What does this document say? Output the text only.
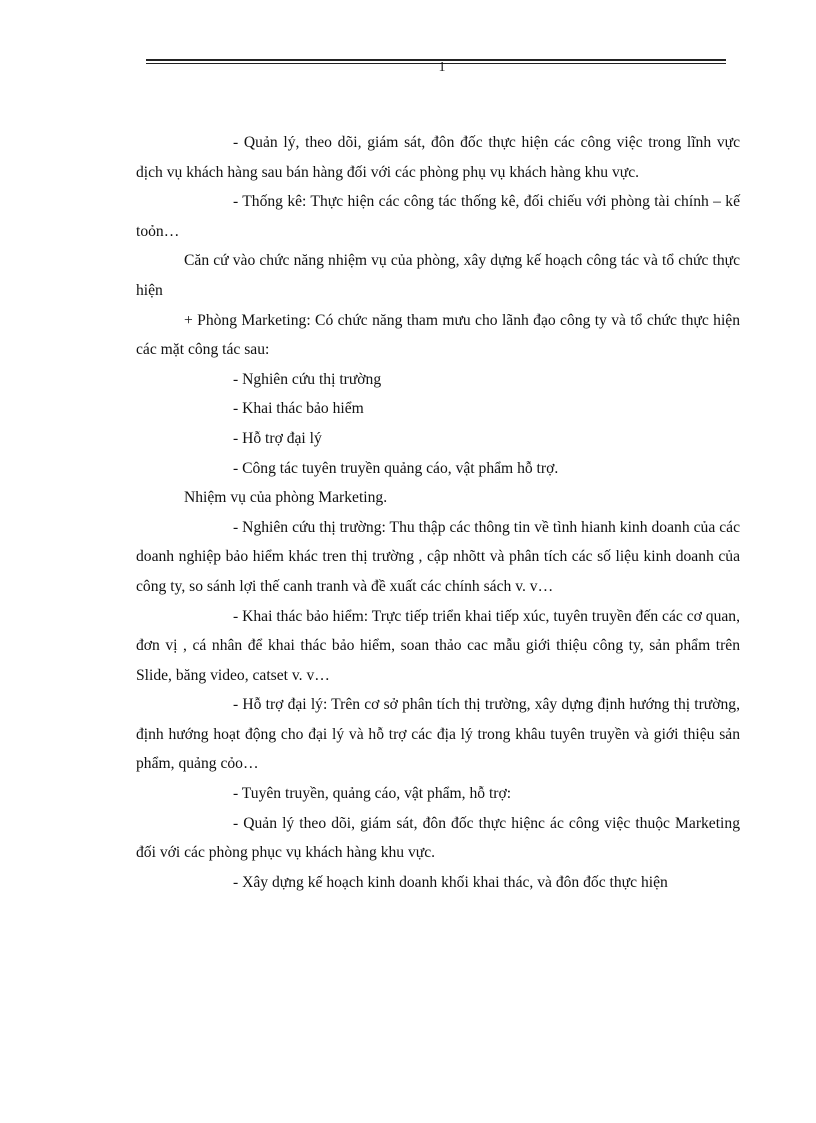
1

- Quản lý, theo dõi, giám sát, đôn đốc thực hiện các công việc trong lĩnh vực dịch vụ khách hàng sau bán hàng đối với các phòng phụ vụ khách hàng khu vực.

- Thống kê: Thực hiện các công tác thống kê, đối chiếu với phòng tài chính – kế toỏn…

Căn cứ vào chức năng nhiệm vụ của phòng, xây dựng kế hoạch công tác và tổ chức thực hiện

+ Phòng Marketing: Có chức năng tham mưu cho lãnh đạo công ty và tổ chức thực hiện các mặt công tác sau:

- Nghiên cứu thị trường

- Khai thác bảo hiểm

- Hỗ trợ đại lý

- Công tác tuyên truyền quảng cáo, vật phẩm hỗ trợ.

Nhiệm vụ của phòng Marketing.

- Nghiên cứu thị trường: Thu thập các thông tin về tình hianh kinh doanh của các doanh nghiệp bảo hiểm khác tren thị trường , cập nhõtt và phân tích các số liệu kinh doanh của công ty, so sánh lợi thế canh tranh và đề xuất các chính sách v. v…

- Khai thác bảo hiểm: Trực tiếp triển khai tiếp xúc, tuyên truyền đến các cơ quan, đơn vị , cá nhân để khai thác bảo hiểm, soan thảo cac mẫu giới thiệu công ty, sản phẩm trên Slide, băng video, catset v. v…

- Hỗ trợ đại lý: Trên cơ sở phân tích thị trường, xây dựng định hướng thị trường, định hướng hoạt động cho đại lý và hỗ trợ các địa lý trong khâu tuyên truyền và giới thiệu sản phẩm, quảng cỏo…

- Tuyên truyền, quảng cáo, vật phẩm, hỗ trợ:

- Quản lý theo dõi, giám sát, đôn đốc thực hiệnc ác công việc thuộc Marketing đối với các phòng phục vụ khách hàng khu vực.

- Xây dựng kế hoạch kinh doanh khối khai thác, và đôn đốc thực hiện
